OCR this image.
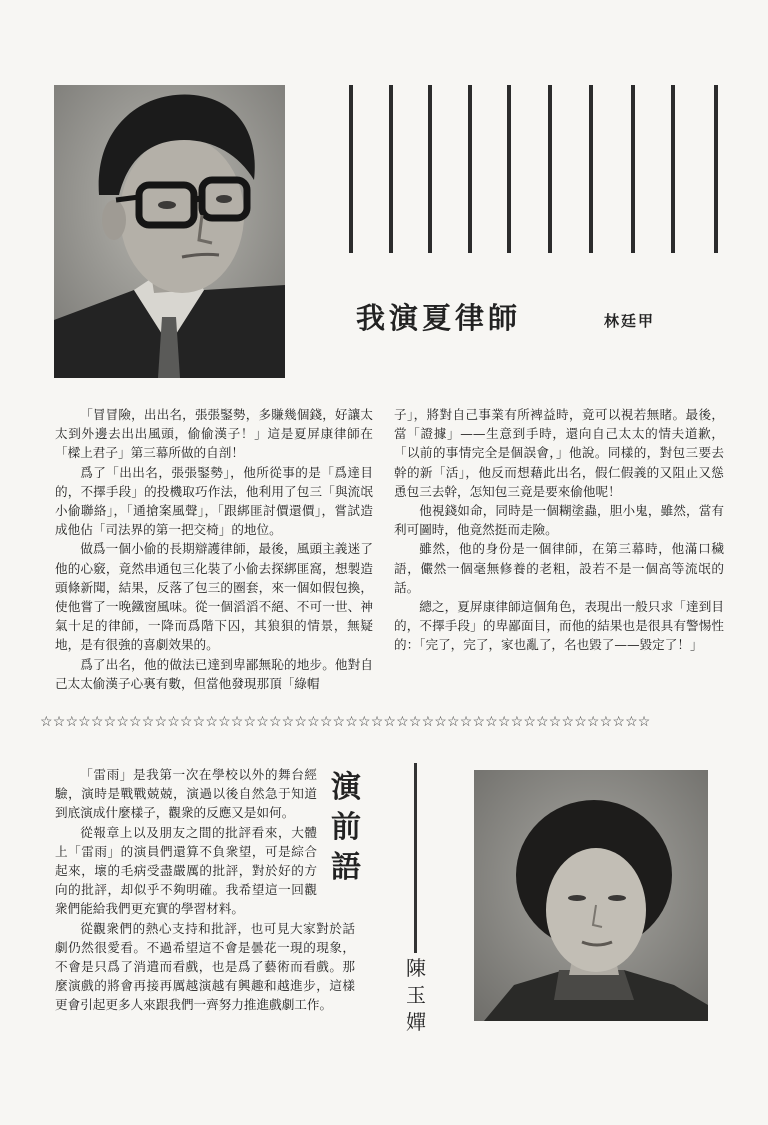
我演夏律師	林廷甲

「冒冒險，出出名，張張鋻勢，多賺幾個錢，好讓太太到外邊去出出風頭，偷偷漢子！」這是夏屏康律師在「樑上君子」第三幕所做的自剖！

爲了「出出名，張張鋻勢」，他所從事的是「爲達目的，不擇手段」的投機取巧作法，他利用了包三「與流氓小偷聯絡」，「通搶案風聲」，「跟綁匪討價還價」，嘗試造成他佔「司法界的第一把交椅」的地位。

做爲一個小偷的長期辯護律師，最後，風頭主義迷了他的心竅，竟然串通包三化裝了小偷去探綁匪窩，想製造頭條新聞，結果，反落了包三的圈套，來一個如假包換，使他嘗了一晚鐵窗風味。從一個滔滔不絕、不可一世、神氣十足的律師，一降而爲階下囚，其狼狽的情景，無疑地，是有很強的喜劇效果的。

爲了出名，他的做法已達到卑鄙無恥的地步。他對自己太太偷漢子心裏有數，但當他發現那頂「綠帽

子」，將對自己事業有所裨益時，竟可以視若無睹。最後，當「證據」——生意到手時，還向自己太太的情夫道歉，「以前的事情完全是個誤會，」他說。同樣的，對包三要去幹的新「活」，他反而想藉此出名，假仁假義的又阻止又慫恿包三去幹，怎知包三竟是要來偷他呢！

他視錢如命，同時是一個糊塗蟲，胆小鬼，雖然，當有利可圖時，他竟然挺而走險。

雖然，他的身份是一個律師，在第三幕時，他滿口穢語，儼然一個毫無修養的老粗，設若不是一個高等流氓的話。

總之，夏屏康律師這個角色，表現出一般只求「達到目的，不擇手段」的卑鄙面目，而他的結果也是很具有警惕性的：「完了，完了，家也亂了，名也毀了——毀定了！」

☆☆☆☆☆☆☆☆☆☆☆☆☆☆☆☆☆☆☆☆☆☆☆☆☆☆☆☆☆☆☆☆☆☆☆☆☆☆☆☆☆☆☆☆☆☆☆☆

「雷雨」是我第一次在學校以外的舞台經驗，演時是戰戰兢兢，演過以後自然急于知道到底演成什麼樣子，觀衆的反應又是如何。

從報章上以及朋友之間的批評看來，大體上「雷雨」的演員們還算不負衆望，可是綜合起來，壞的毛病受盡嚴厲的批評，對於好的方向的批評，却似乎不夠明確。我希望這一回觀衆們能給我們更充實的學習材料。

從觀衆們的熱心支持和批評，也可見大家對於話劇仍然很愛看。不過希望這不會是曇花一現的現象，不會是只爲了消遣而看戲，也是爲了藝術而看戲。那麼演戲的將會再接再厲越演越有興趣和越進步，這樣更會引起更多人來跟我們一齊努力推進戲劇工作。

演
前
語
陳
玉
嬋
